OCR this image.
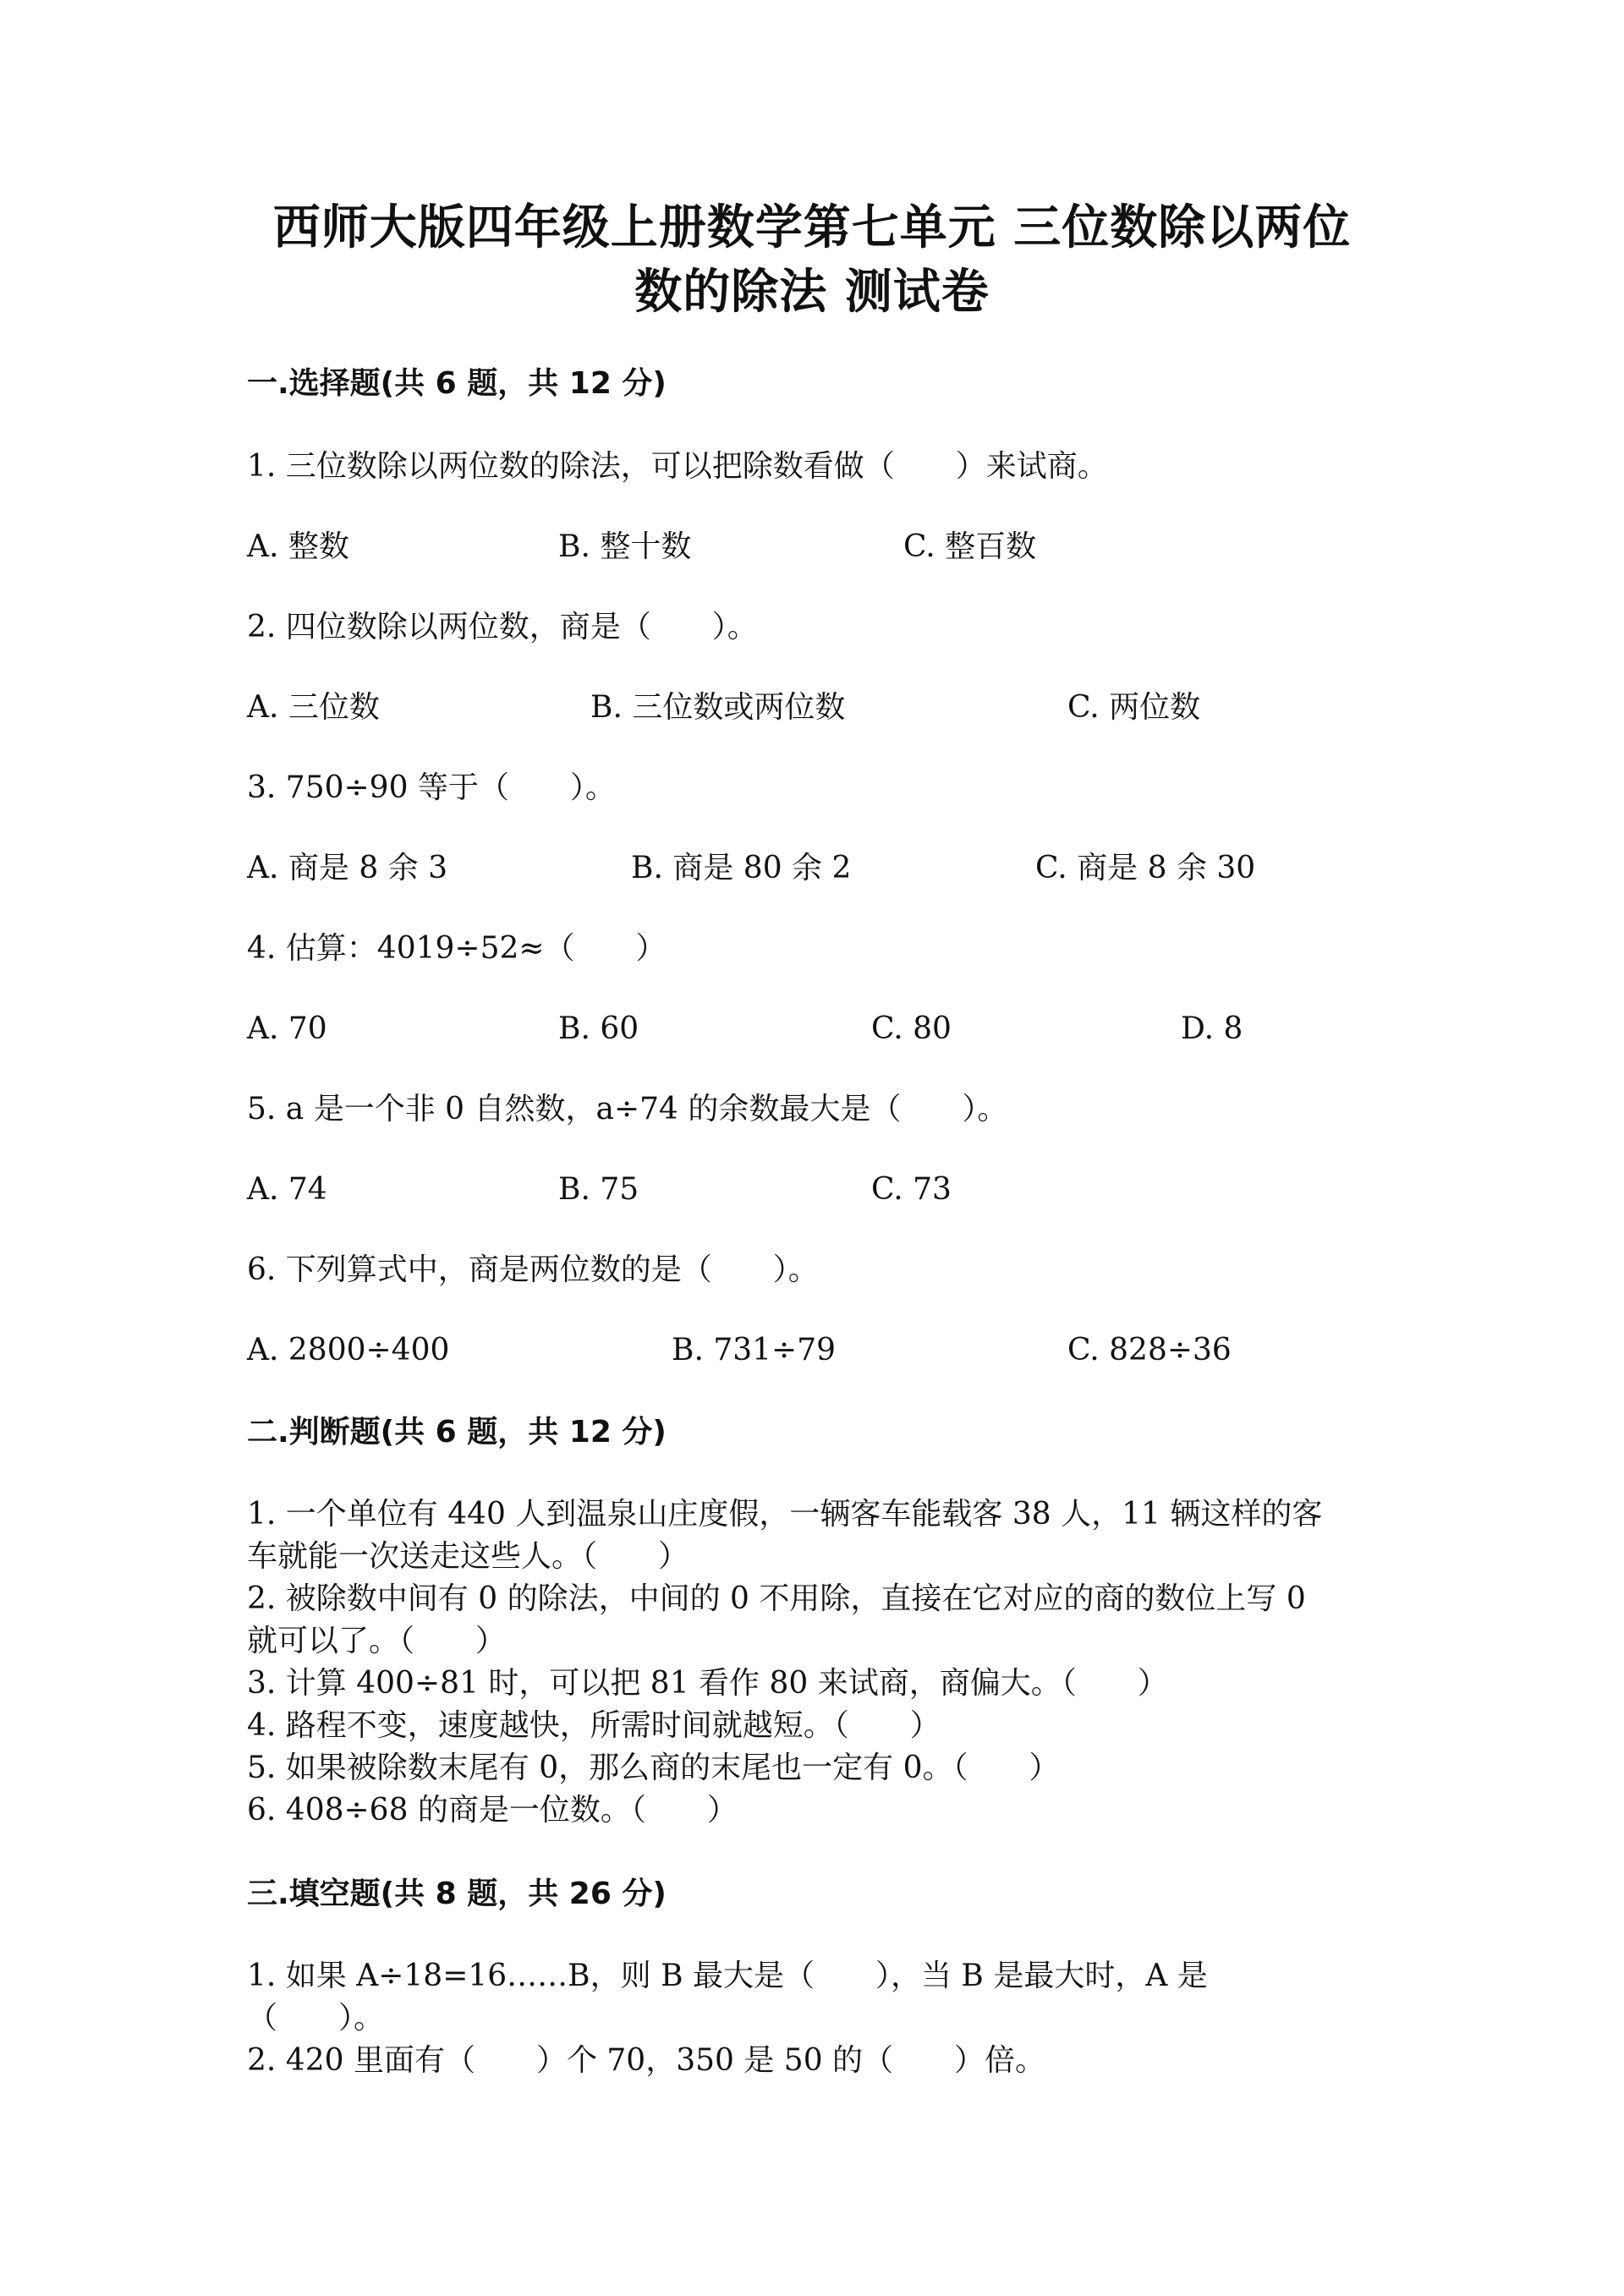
西师大版四年级上册数学第七单元 三位数除以两位
数的除法 测试卷
一.选择题(共 6 题，共 12 分)
1. 三位数除以两位数的除法，可以把除数看做（　　）来试商。
A. 整数	B. 整十数	C. 整百数
2. 四位数除以两位数，商是（　　）。
A. 三位数	B. 三位数或两位数	C. 两位数
3. 750÷90 等于（　　）。
A. 商是 8 余 3	B. 商是 80 余 2	C. 商是 8 余 30
4. 估算：4019÷52≈（　　）
A. 70	B. 60	C. 80	D. 8
5. a 是一个非 0 自然数，a÷74 的余数最大是（　　）。
A. 74	B. 75	C. 73
6. 下列算式中，商是两位数的是（　　）。
A. 2800÷400	B. 731÷79	C. 828÷36
二.判断题(共 6 题，共 12 分)
1. 一个单位有 440 人到温泉山庄度假，一辆客车能载客 38 人，11 辆这样的客
车就能一次送走这些人。（　　）
2. 被除数中间有 0 的除法，中间的 0 不用除，直接在它对应的商的数位上写 0
就可以了。（　　）
3. 计算 400÷81 时，可以把 81 看作 80 来试商，商偏大。（　　）
4. 路程不变，速度越快，所需时间就越短。（　　）
5. 如果被除数末尾有 0，那么商的末尾也一定有 0。（　　）
6. 408÷68 的商是一位数。（　　）
三.填空题(共 8 题，共 26 分)
1. 如果 A÷18=16……B，则 B 最大是（　　），当 B 是最大时，A 是
（　　）。
2. 420 里面有（　　）个 70，350 是 50 的（　　）倍。
